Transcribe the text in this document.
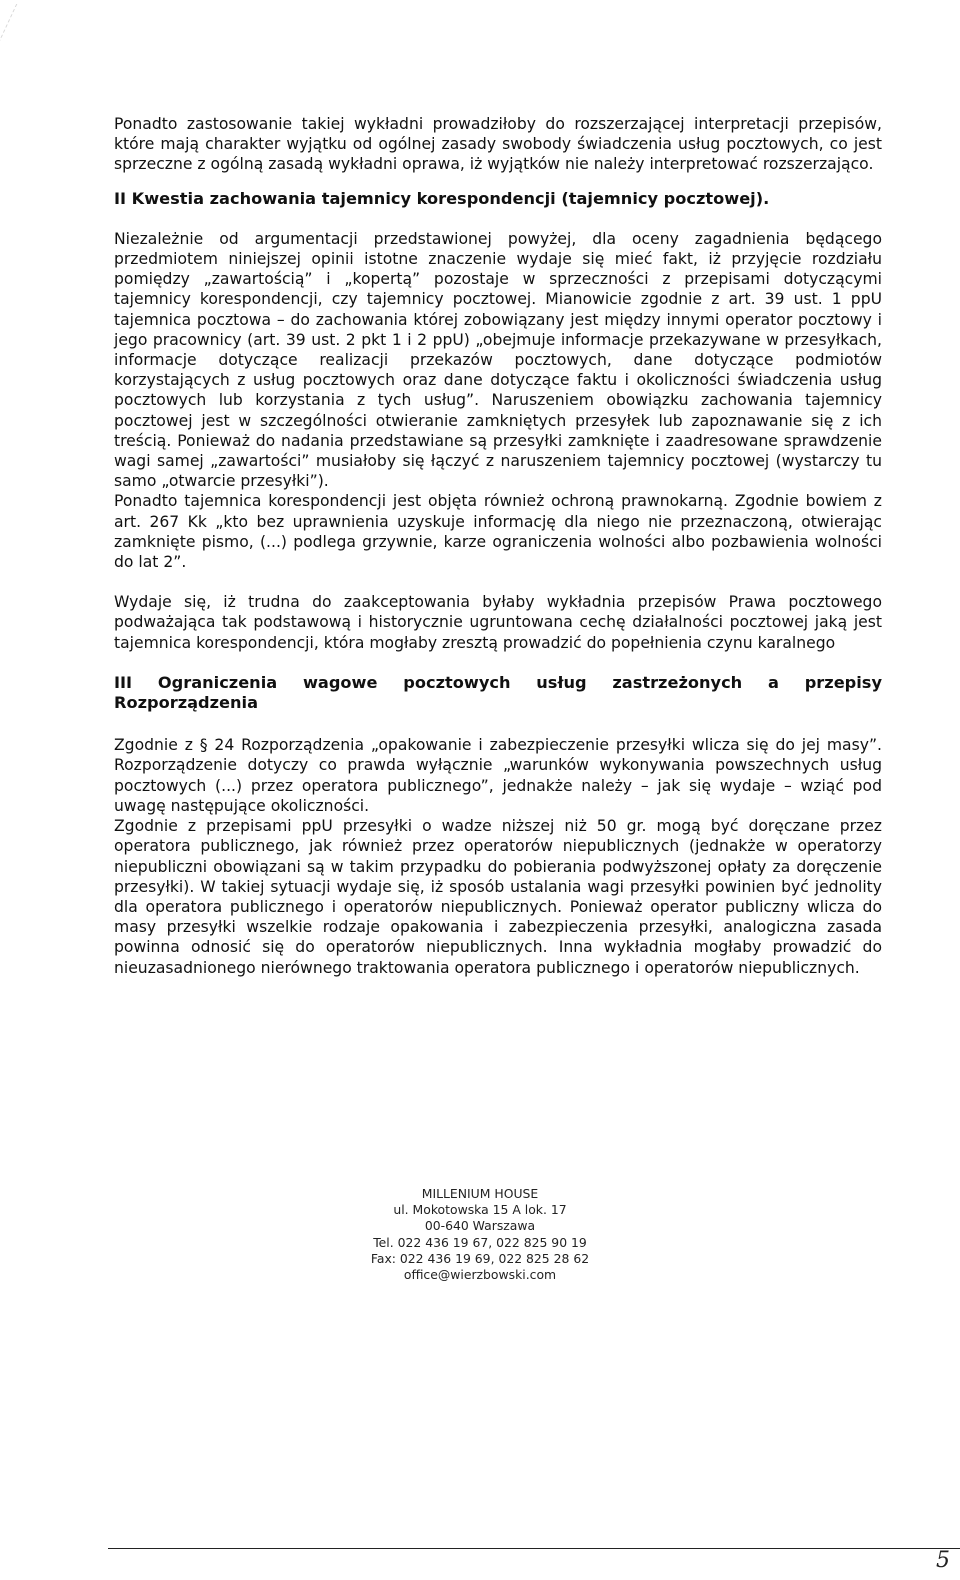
Ponadto zastosowanie takiej wykładni prowadziłoby do rozszerzającej interpretacji przepisów, które mają charakter wyjątku od ogólnej zasady swobody świadczenia usług pocztowych, co jest sprzeczne z ogólną zasadą wykładni oprawa, iż wyjątków nie należy interpretować rozszerzająco.

II Kwestia zachowania tajemnicy korespondencji (tajemnicy pocztowej).

Niezależnie od argumentacji przedstawionej powyżej, dla oceny zagadnienia będącego przedmiotem niniejszej opinii istotne znaczenie wydaje się mieć fakt, iż przyjęcie rozdziału pomiędzy „zawartością” i „kopertą” pozostaje w sprzeczności z przepisami dotyczącymi tajemnicy korespondencji, czy tajemnicy pocztowej. Mianowicie zgodnie z art. 39 ust. 1 ppU tajemnica pocztowa – do zachowania której zobowiązany jest między innymi operator pocztowy i jego pracownicy (art. 39 ust. 2 pkt 1 i 2 ppU) „obejmuje informacje przekazywane w przesyłkach, informacje dotyczące realizacji przekazów pocztowych, dane dotyczące podmiotów korzystających z usług pocztowych oraz dane dotyczące faktu i okoliczności świadczenia usług pocztowych lub korzystania z tych usług”. Naruszeniem obowiązku zachowania tajemnicy pocztowej jest w szczególności otwieranie zamkniętych przesyłek lub zapoznawanie się z ich treścią. Ponieważ do nadania przedstawiane są przesyłki zamknięte i zaadresowane sprawdzenie wagi samej „zawartości” musiałoby się łączyć z naruszeniem tajemnicy pocztowej (wystarczy tu samo „otwarcie przesyłki”).

Ponadto tajemnica korespondencji jest objęta również ochroną prawnokarną. Zgodnie bowiem z art. 267 Kk „kto bez uprawnienia uzyskuje informację dla niego nie przeznaczoną, otwierając zamknięte pismo, (...) podlega grzywnie, karze ograniczenia wolności albo pozbawienia wolności do lat 2”.

Wydaje się, iż trudna do zaakceptowania byłaby wykładnia przepisów Prawa pocztowego podważająca tak podstawową i historycznie ugruntowana cechę działalności pocztowej jaką jest tajemnica korespondencji, która mogłaby zresztą prowadzić do popełnienia czynu karalnego

III Ograniczenia wagowe pocztowych usług zastrzeżonych a przepisy Rozporządzenia

Zgodnie z § 24 Rozporządzenia „opakowanie i zabezpieczenie przesyłki wlicza się do jej masy”. Rozporządzenie dotyczy co prawda wyłącznie „warunków wykonywania powszechnych usług pocztowych (...) przez operatora publicznego”, jednakże należy – jak się wydaje – wziąć pod uwagę następujące okoliczności.

Zgodnie z przepisami ppU przesyłki o wadze niższej niż 50 gr. mogą być doręczane przez operatora publicznego, jak również przez operatorów niepublicznych (jednakże w operatorzy niepubliczni obowiązani są w takim przypadku do pobierania podwyższonej opłaty za doręczenie przesyłki). W takiej sytuacji wydaje się, iż sposób ustalania wagi przesyłki powinien być jednolity dla operatora publicznego i operatorów niepublicznych. Ponieważ operator publiczny wlicza do masy przesyłki wszelkie rodzaje opakowania i zabezpieczenia przesyłki, analogiczna zasada powinna odnosić się do operatorów niepublicznych. Inna wykładnia mogłaby prowadzić do nieuzasadnionego nierównego traktowania operatora publicznego i operatorów niepublicznych.

MILLENIUM HOUSE
ul. Mokotowska 15 A lok. 17
00-640 Warszawa
Tel. 022 436 19 67, 022 825 90 19
Fax: 022 436 19 69, 022 825 28 62
office@wierzbowski.com
5
